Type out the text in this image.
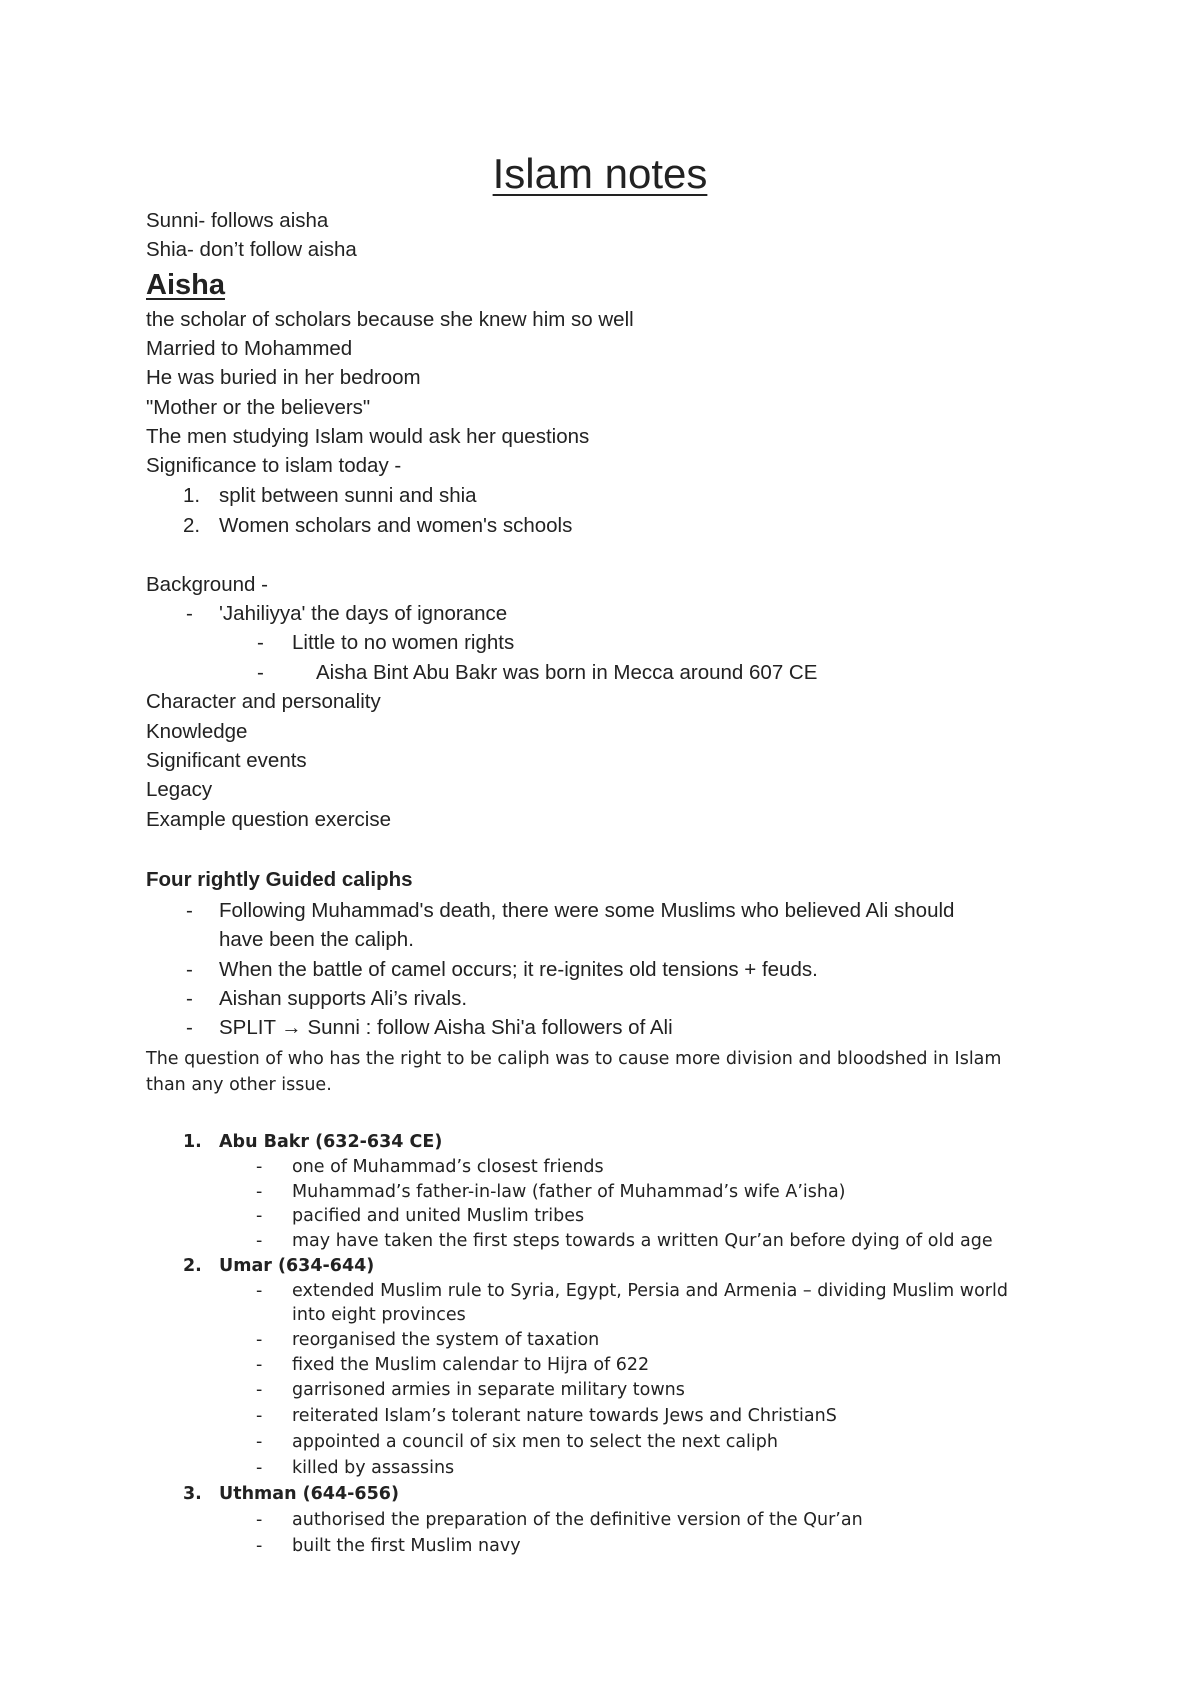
Islam notes

Sunni- follows aisha

Shia- don’t follow aisha

Aisha

the scholar of scholars because she knew him so well

Married to Mohammed

He was buried in her bedroom

"Mother or the believers"

The men studying Islam would ask her questions

Significance to islam today -

1. split between sunni and shia

2. Women scholars and women's schools

Background -

- 'Jahiliyya' the days of ignorance

- Little to no women rights

-	Aisha Bint Abu Bakr was born in Mecca around 607 CE

Character and personality

Knowledge

Significant events

Legacy

Example question exercise

Four rightly Guided caliphs

- Following Muhammad's death, there were some Muslims who believed Ali should

have been the caliph.

- When the battle of camel occurs; it re-ignites old tensions + feuds.

- Aishan supports Ali’s rivals.

- SPLIT → Sunni : follow Aisha Shi'a followers of Ali

The question of who has the right to be caliph was to cause more division and bloodshed in Islam

than any other issue.

1. Abu Bakr (632-634 CE)

- one of Muhammad’s closest friends

- Muhammad’s father-in-law (father of Muhammad’s wife A’isha)

- pacified and united Muslim tribes

- may have taken the first steps towards a written Qur’an before dying of old age

2. Umar (634-644)

- extended Muslim rule to Syria, Egypt, Persia and Armenia – dividing Muslim world

into eight provinces

- reorganised the system of taxation

- fixed the Muslim calendar to Hijra of 622

- garrisoned armies in separate military towns

- reiterated Islam’s tolerant nature towards Jews and ChristianS

- appointed a council of six men to select the next caliph

- killed by assassins

3. Uthman (644-656)

- authorised the preparation of the definitive version of the Qur’an

- built the first Muslim navy
